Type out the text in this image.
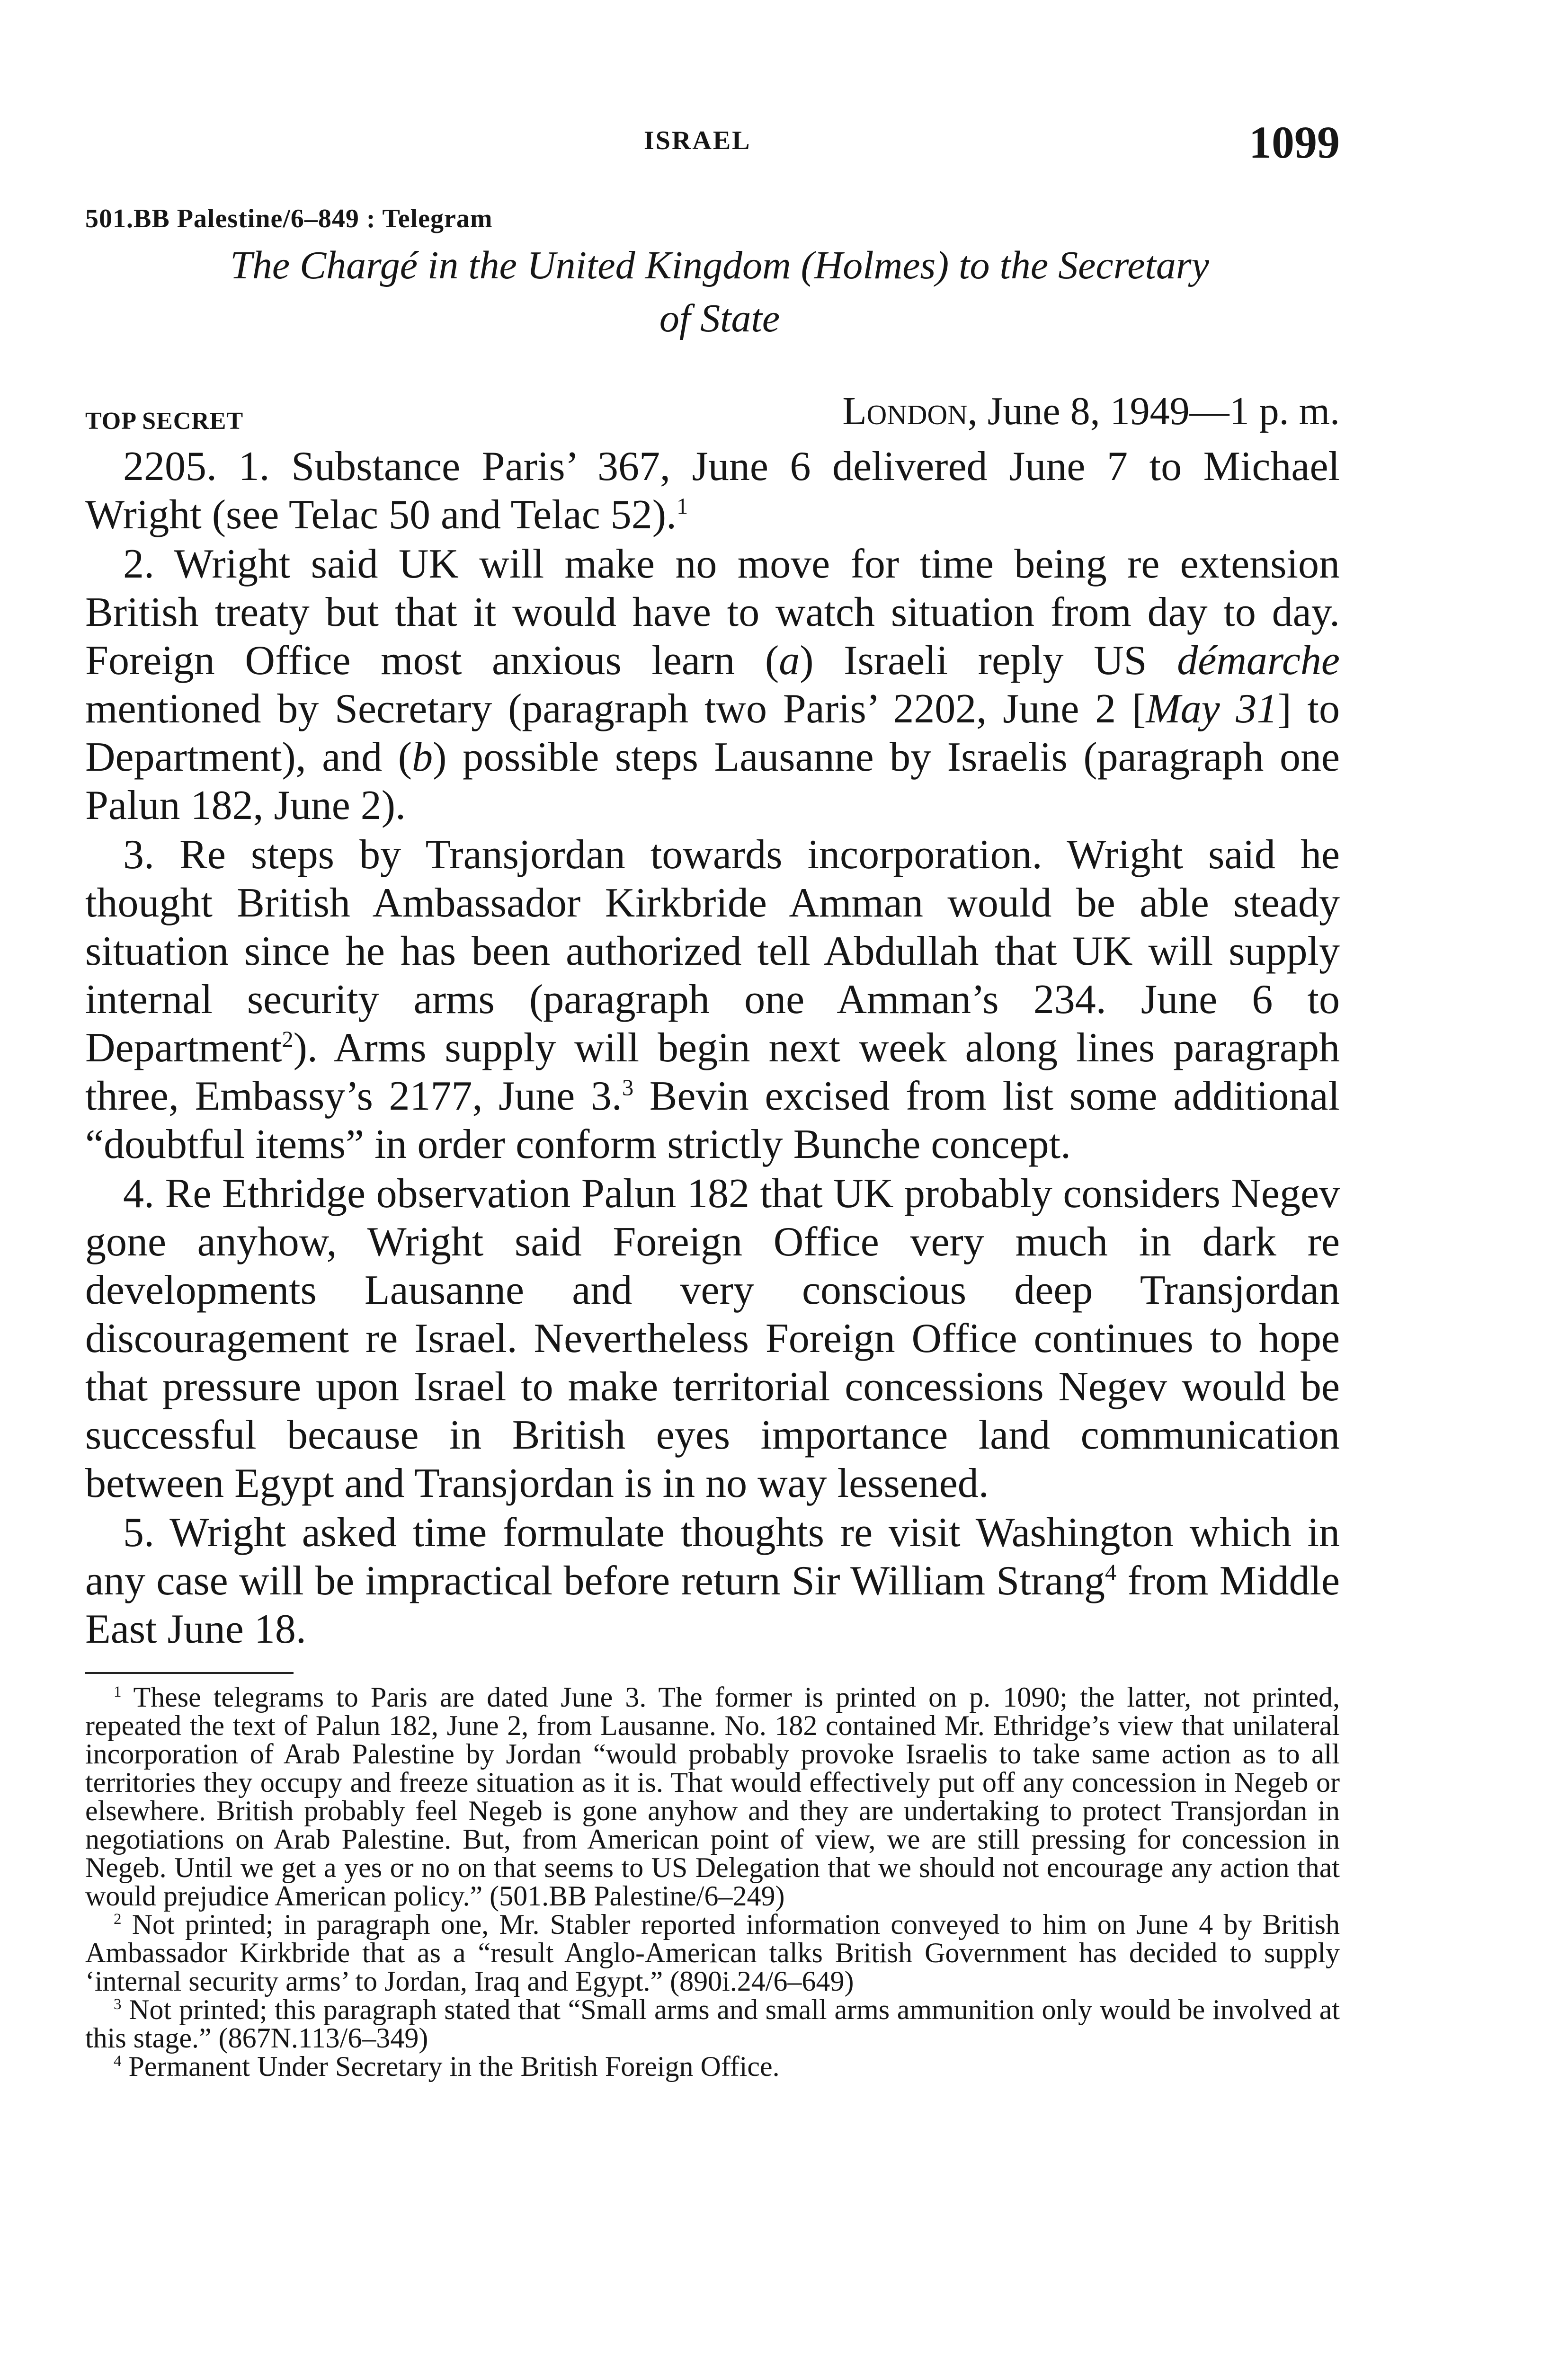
ISRAEL	1099
501.BB Palestine/6–849 : Telegram
The Chargé in the United Kingdom (Holmes) to the Secretary
of State
TOP SECRET	London, June 8, 1949—1 p. m.

2205. 1. Substance Paris’ 367, June 6 delivered June 7 to Michael Wright (see Telac 50 and Telac 52).$^1$

2. Wright said UK will make no move for time being re extension British treaty but that it would have to watch situation from day to day. Foreign Office most anxious learn (a) Israeli reply US démarche mentioned by Secretary (paragraph two Paris’ 2202, June 2 [May 31] to Department), and (b) possible steps Lausanne by Israelis (paragraph one Palun 182, June 2).

3. Re steps by Transjordan towards incorporation. Wright said he thought British Ambassador Kirkbride Amman would be able steady situation since he has been authorized tell Abdullah that UK will supply internal security arms (paragraph one Amman’s 234. June 6 to Department$^2$). Arms supply will begin next week along lines paragraph three, Embassy’s 2177, June 3.$^3$ Bevin excised from list some additional “doubtful items” in order conform strictly Bunche concept.

4. Re Ethridge observation Palun 182 that UK probably considers Negev gone anyhow, Wright said Foreign Office very much in dark re developments Lausanne and very conscious deep Transjordan discouragement re Israel. Nevertheless Foreign Office continues to hope that pressure upon Israel to make territorial concessions Negev would be successful because in British eyes importance land communication between Egypt and Transjordan is in no way lessened.

5. Wright asked time formulate thoughts re visit Washington which in any case will be impractical before return Sir William Strang$^4$ from Middle East June 18.

$^1$ These telegrams to Paris are dated June 3. The former is printed on p. 1090; the latter, not printed, repeated the text of Palun 182, June 2, from Lausanne. No. 182 contained Mr. Ethridge’s view that unilateral incorporation of Arab Palestine by Jordan “would probably provoke Israelis to take same action as to all territories they occupy and freeze situation as it is. That would effectively put off any concession in Negeb or elsewhere. British probably feel Negeb is gone anyhow and they are undertaking to protect Transjordan in negotiations on Arab Palestine. But, from American point of view, we are still pressing for concession in Negeb. Until we get a yes or no on that seems to US Delegation that we should not encourage any action that would prejudice American policy.” (501.BB Palestine/6–249)

$^2$ Not printed; in paragraph one, Mr. Stabler reported information conveyed to him on June 4 by British Ambassador Kirkbride that as a “result Anglo-American talks British Government has decided to supply ‘internal security arms’ to Jordan, Iraq and Egypt.” (890i.24/6–649)

$^3$ Not printed; this paragraph stated that “Small arms and small arms ammunition only would be involved at this stage.” (867N.113/6–349)

$^4$ Permanent Under Secretary in the British Foreign Office.
